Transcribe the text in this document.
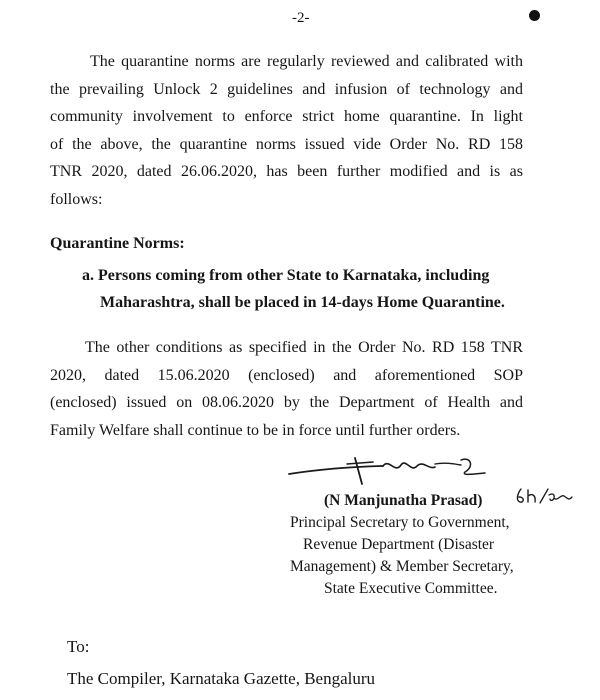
-2-
The quarantine norms are regularly reviewed and calibrated with
the prevailing Unlock 2 guidelines and infusion of technology and
community involvement to enforce strict home quarantine. In light
of the above, the quarantine norms issued vide Order No. RD 158
TNR 2020, dated 26.06.2020, has been further modified and is as
follows:
Quarantine Norms:
a. Persons coming from other State to Karnataka, including
Maharashtra, shall be placed in 14-days Home Quarantine.
The other conditions as specified in the Order No. RD 158 TNR
2020, dated 15.06.2020 (enclosed) and aforementioned SOP
(enclosed) issued on 08.06.2020 by the Department of Health and
Family Welfare shall continue to be in force until further orders.
(N Manjunatha Prasad)
Principal Secretary to Government,
Revenue Department (Disaster
Management) & Member Secretary,
State Executive Committee.
To:
The Compiler, Karnataka Gazette, Bengaluru
